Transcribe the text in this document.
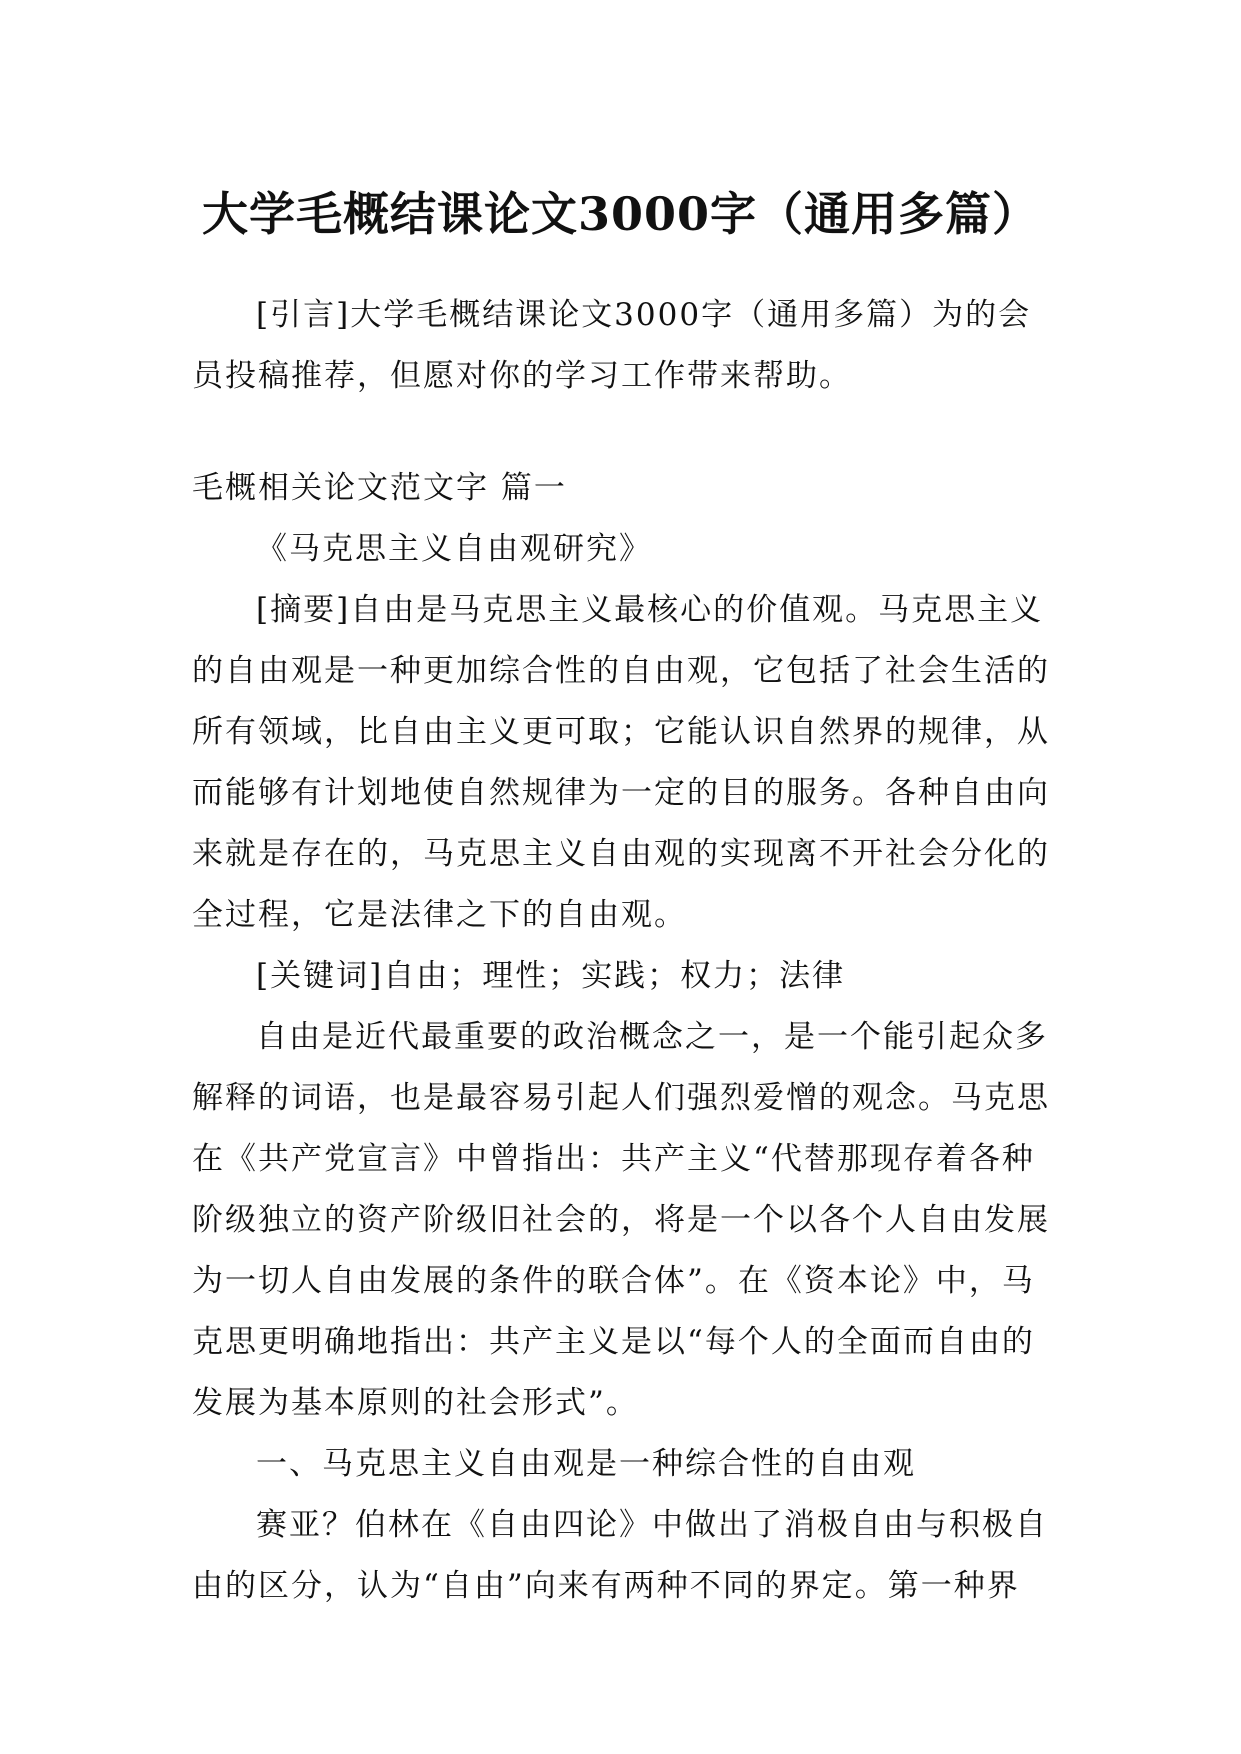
大学毛概结课论文3000字（通用多篇）

[引言]大学毛概结课论文3000字（通用多篇）为的会员投稿推荐，但愿对你的学习工作带来帮助。

毛概相关论文范文字 篇一

《马克思主义自由观研究》

[摘要]自由是马克思主义最核心的价值观。马克思主义的自由观是一种更加综合性的自由观，它包括了社会生活的所有领域，比自由主义更可取；它能认识自然界的规律，从而能够有计划地使自然规律为一定的目的服务。各种自由向来就是存在的，马克思主义自由观的实现离不开社会分化的全过程，它是法律之下的自由观。

[关键词]自由；理性；实践；权力；法律

自由是近代最重要的政治概念之一，是一个能引起众多解释的词语，也是最容易引起人们强烈爱憎的观念。马克思在《共产党宣言》中曾指出：共产主义“代替那现存着各种阶级独立的资产阶级旧社会的，将是一个以各个人自由发展为一切人自由发展的条件的联合体”。在《资本论》中，马克思更明确地指出：共产主义是以“每个人的全面而自由的发展为基本原则的社会形式”。

一、马克思主义自由观是一种综合性的自由观

赛亚？伯林在《自由四论》中做出了消极自由与积极自由的区分，认为“自由”向来有两种不同的界定。第一种界
